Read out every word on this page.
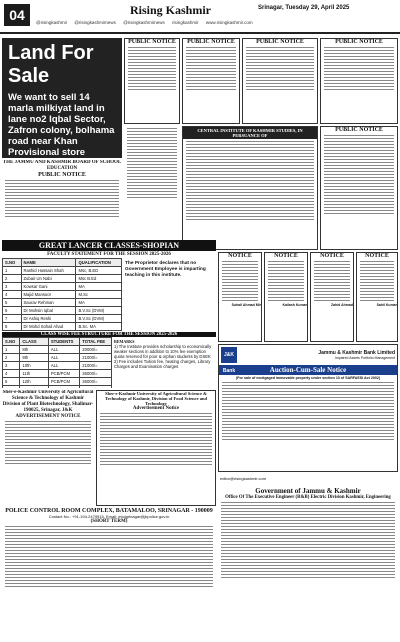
04	Rising Kashmir	Srinagar, Tuesday 29, April 2025
@risingkashmir @risingkashmirnews @risingkashmirnews risingkashmir www.risingkashmir.com
Land For Sale
We want to sell 14 marla milkiyat land in lane no2 Iqbal Sector, Zafron colony, bolhama road near Khan Provisional store
THE JAMMU AND KASHMIR BOARD OF SCHOOL EDUCATION
PUBLIC NOTICE
PUBLIC NOTICE	PUBLIC NOTICE	PUBLIC NOTICE	PUBLIC NOTICE
CENTRAL INSTITUTE OF KASHMIR STUDIES, IN PERSUANCE OF
PUBLIC NOTICE
GREAT LANCER CLASSES-SHOPIAN
FACULTY STATEMENT FOR THE SESSION 2025-2026
S.NO	NAME	QUALIFICATION
1	Rashid Hussain Shah	Msc, B.ED
2	Zubair Un Nabi	Msc B.Ed
3	Kowsar Gani	MA
4	Majid Mansoor	M.Sc
5	Saurav Rehman	MA
6	Dr Mohsin Iqbal	B.V.Sc (DVM)
7	Dr Ashiq Reshi	B.V.Sc (DVM)
8	Dr Mohd Sohail Ahad	B.Sc. MA
The Proprietor declares that no Government Employee is imparting teaching in this institute.
CLASS WISE FEE STRUCTURE FOR THE SESSION 2025-2026
S.NO	CLASS	STUDENTS	TOTAL FEE
1	8th	ALL	20000/=
2	9th	ALL	21000/=
3	10th	ALL	21000/=
4	11th	PCB/PCM	36000/=
5	12th	PCB/PCM	36000/=

REMARKS
1) The Institute provides scholarship to economically weaker sections in addition to 10% fee exemption quota reserved for poor & orphan students by DSEK
2) Fee includes Tuition fee, heating charges, Library Charges and Examination charges
NOTICE
Suhail Ahmad Mir
NOTICE
Kailash Kumar
NOTICE
Zahid Ahmad
NOTICE
Sahil Kumar
J&K Bank
Jammu & Kashmir Bank Limited
Impaired Assets Portfolio Management
Auction-Cum-Sale Notice
(For sale of mortgaged immovable property under section 13 of SARFAESI Act 2002)
Sher-e-Kashmir University of Agricultural Science & Technology of Kashmir
Division of Plant Biotechnology, Shalimar-190025, Srinagar, J&K
ADVERTISEMENT NOTICE
Sher-e-Kashmir University of Agricultural Science & Technology of Kashmir, Division of Food Science and Technology
Advertisement Notice
POLICE CONTROL ROOM COMPLEX, BATAMALOO, SRINAGAR - 190009
Contact No.: +91-194-2479915, Email: mtojgrinagar@jkpolice.gov.in
(SHORT TERM)
editor@risingkashmir.com
Government of Jammu & Kashmir
Office Of The Executive Engineer (R&B) Electric Division Kashmir, Engineering
